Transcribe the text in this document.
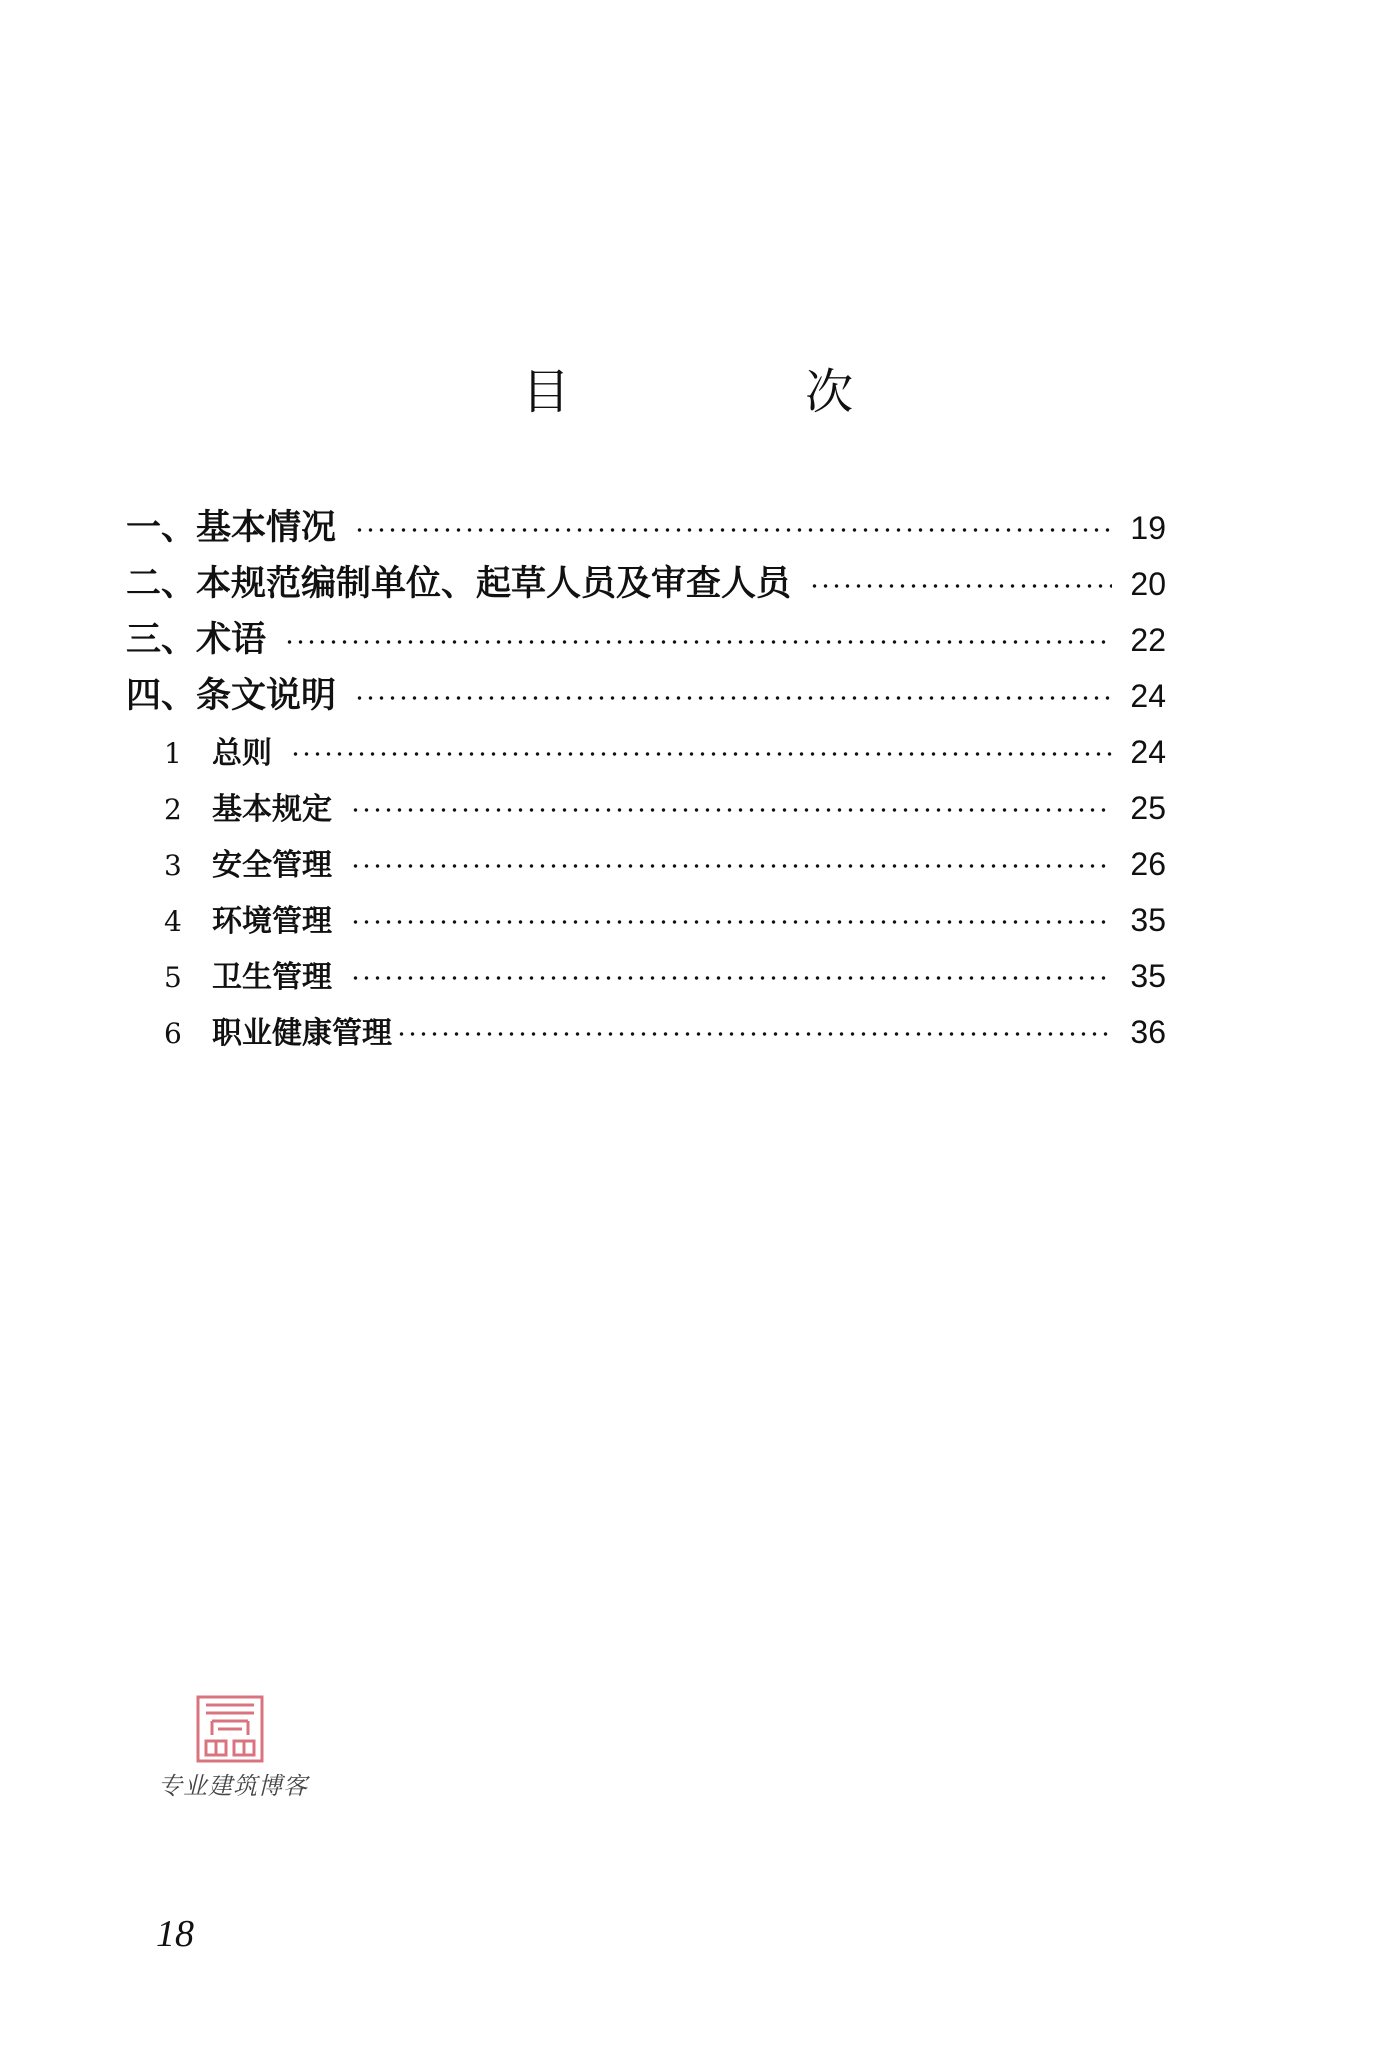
目 次
一、基本情况	19
二、本规范编制单位、起草人员及审查人员	20
三、术语	22
四、条文说明	24
1	总则	24
2	基本规定	25
3	安全管理	26
4	环境管理	35
5	卫生管理	35
6	职业健康管理	36
专业建筑博客
18
